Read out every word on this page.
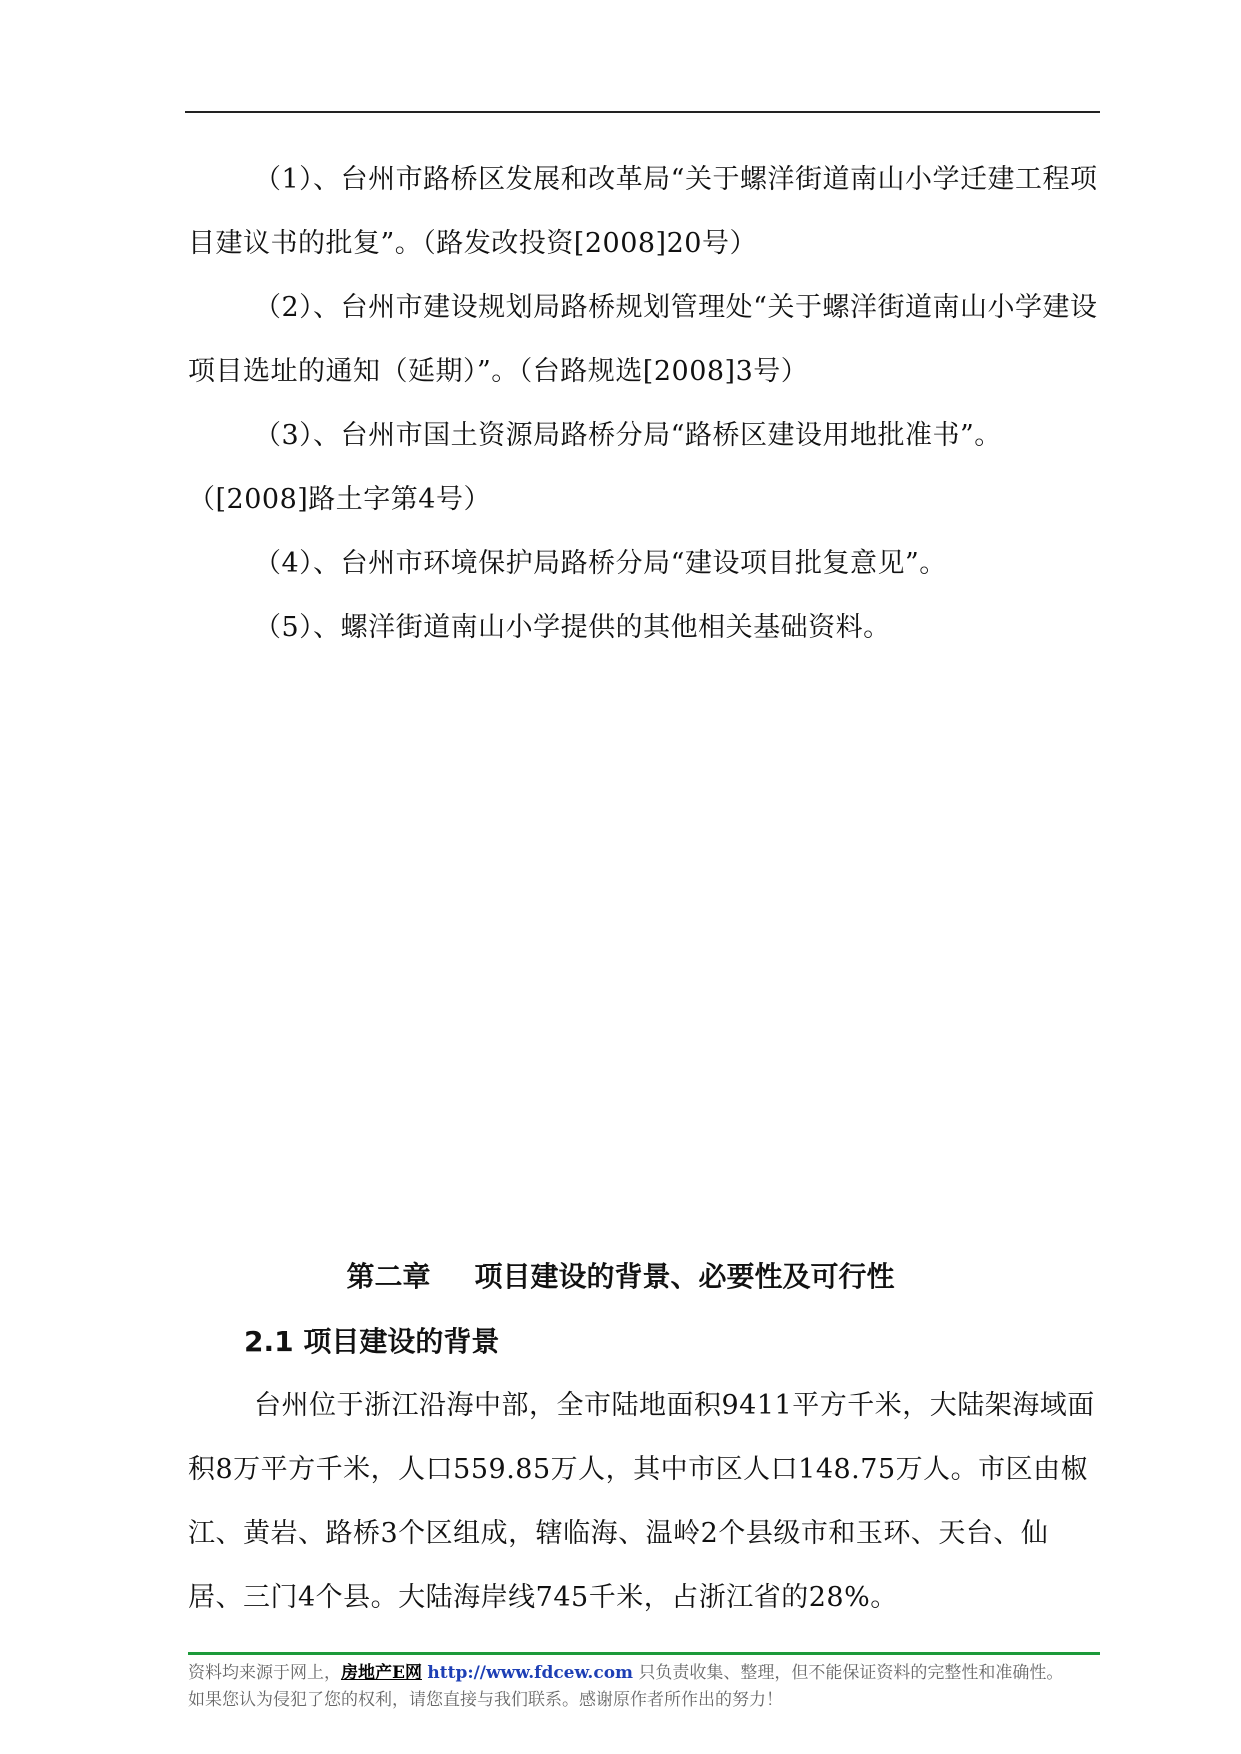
（1）、台州市路桥区发展和改革局“关于螺洋街道南山小学迁建工程项目建议书的批复”。（路发改投资[2008]20号）

（2）、台州市建设规划局路桥规划管理处“关于螺洋街道南山小学建设项目选址的通知（延期）”。（台路规选[2008]3号）

（3）、台州市国土资源局路桥分局“路桥区建设用地批准书”。（[2008]路土字第4号）

（4）、台州市环境保护局路桥分局“建设项目批复意见”。

（5）、螺洋街道南山小学提供的其他相关基础资料。

第二章 项目建设的背景、必要性及可行性
2.1 项目建设的背景

台州位于浙江沿海中部，全市陆地面积9411平方千米，大陆架海域面积8万平方千米，人口559.85万人，其中市区人口148.75万人。市区由椒江、黄岩、路桥3个区组成，辖临海、温岭2个县级市和玉环、天台、仙居、三门4个县。大陆海岸线745千米，占浙江省的28%。

资料均来源于网上，房地产E网 http://www.fdcew.com 只负责收集、整理，但不能保证资料的完整性和准确性。
如果您认为侵犯了您的权利，请您直接与我们联系。感谢原作者所作出的努力！
